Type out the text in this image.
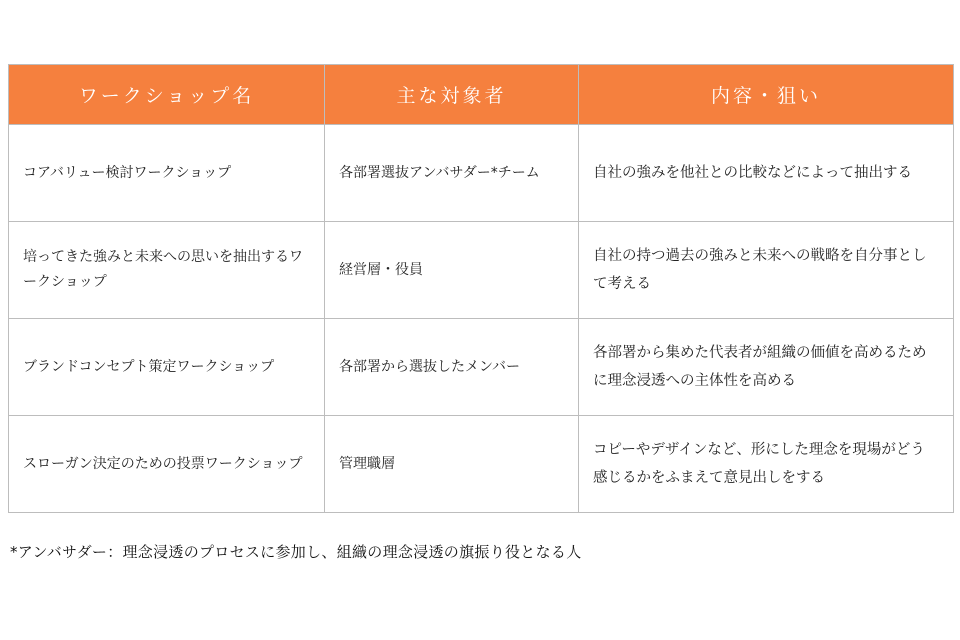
ワークショップ名	主な対象者	内容・狙い
コアバリュー検討ワークショップ	各部署選抜アンバサダー*チーム	自社の強みを他社との比較などによって抽出する
培ってきた強みと未来への思いを抽出するワークショップ	経営層・役員	自社の持つ過去の強みと未来への戦略を自分事として考える
ブランドコンセプト策定ワークショップ	各部署から選抜したメンバー	各部署から集めた代表者が組織の価値を高めるために理念浸透への主体性を高める
スローガン決定のための投票ワークショップ	管理職層	コピーやデザインなど、形にした理念を現場がどう感じるかをふまえて意見出しをする
*アンバサダー：理念浸透のプロセスに参加し、組織の理念浸透の旗振り役となる人
